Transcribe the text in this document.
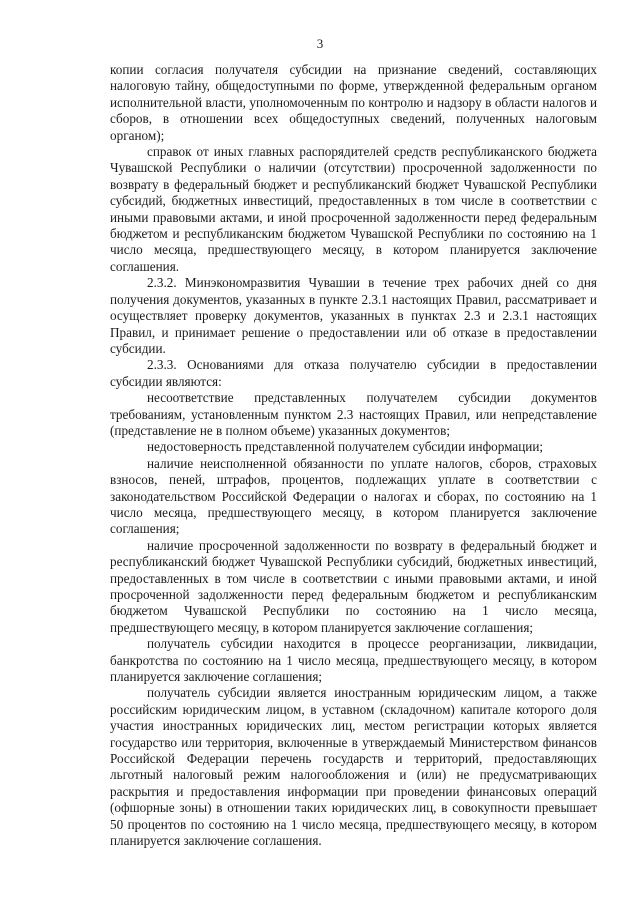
3

копии согласия получателя субсидии на признание сведений, составляющих налоговую тайну, общедоступными по форме, утвержденной федеральным органом исполнительной власти, уполномоченным по контролю и надзору в области налогов и сборов, в отношении всех общедоступных сведений, полученных налоговым органом);

справок от иных главных распорядителей средств республиканского бюджета Чувашской Республики о наличии (отсутствии) просроченной задолженности по возврату в федеральный бюджет и республиканский бюджет Чувашской Республики субсидий, бюджетных инвестиций, предоставленных в том числе в соответствии с иными правовыми актами, и иной просроченной задолженности перед федеральным бюджетом и республиканским бюджетом Чувашской Республики по состоянию на 1 число месяца, предшествующего месяцу, в котором планируется заключение соглашения.

2.3.2. Минэкономразвития Чувашии в течение трех рабочих дней со дня получения документов, указанных в пункте 2.3.1 настоящих Правил, рассматривает и осуществляет проверку документов, указанных в пунктах 2.3 и 2.3.1 настоящих Правил, и принимает решение о предоставлении или об отказе в предоставлении субсидии.

2.3.3. Основаниями для отказа получателю субсидии в предоставлении субсидии являются:

несоответствие представленных получателем субсидии документов требованиям, установленным пунктом 2.3 настоящих Правил, или непредставление (представление не в полном объеме) указанных документов;

недостоверность представленной получателем субсидии информации;

наличие неисполненной обязанности по уплате налогов, сборов, страховых взносов, пеней, штрафов, процентов, подлежащих уплате в соответствии с законодательством Российской Федерации о налогах и сборах, по состоянию на 1 число месяца, предшествующего месяцу, в котором планируется заключение соглашения;

наличие просроченной задолженности по возврату в федеральный бюджет и республиканский бюджет Чувашской Республики субсидий, бюджетных инвестиций, предоставленных в том числе в соответствии с иными правовыми актами, и иной просроченной задолженности перед федеральным бюджетом и республиканским бюджетом Чувашской Республики по состоянию на 1 число месяца, предшествующего месяцу, в котором планируется заключение соглашения;

получатель субсидии находится в процессе реорганизации, ликвидации, банкротства по состоянию на 1 число месяца, предшествующего месяцу, в котором планируется заключение соглашения;

получатель субсидии является иностранным юридическим лицом, а также российским юридическим лицом, в уставном (складочном) капитале которого доля участия иностранных юридических лиц, местом регистрации которых является государство или территория, включенные в утверждаемый Министерством финансов Российской Федерации перечень государств и территорий, предоставляющих льготный налоговый режим налогообложения и (или) не предусматривающих раскрытия и предоставления информации при проведении финансовых операций (офшорные зоны) в отношении таких юридических лиц, в совокупности превышает 50 процентов по состоянию на 1 число месяца, предшествующего месяцу, в котором планируется заключение соглашения.
